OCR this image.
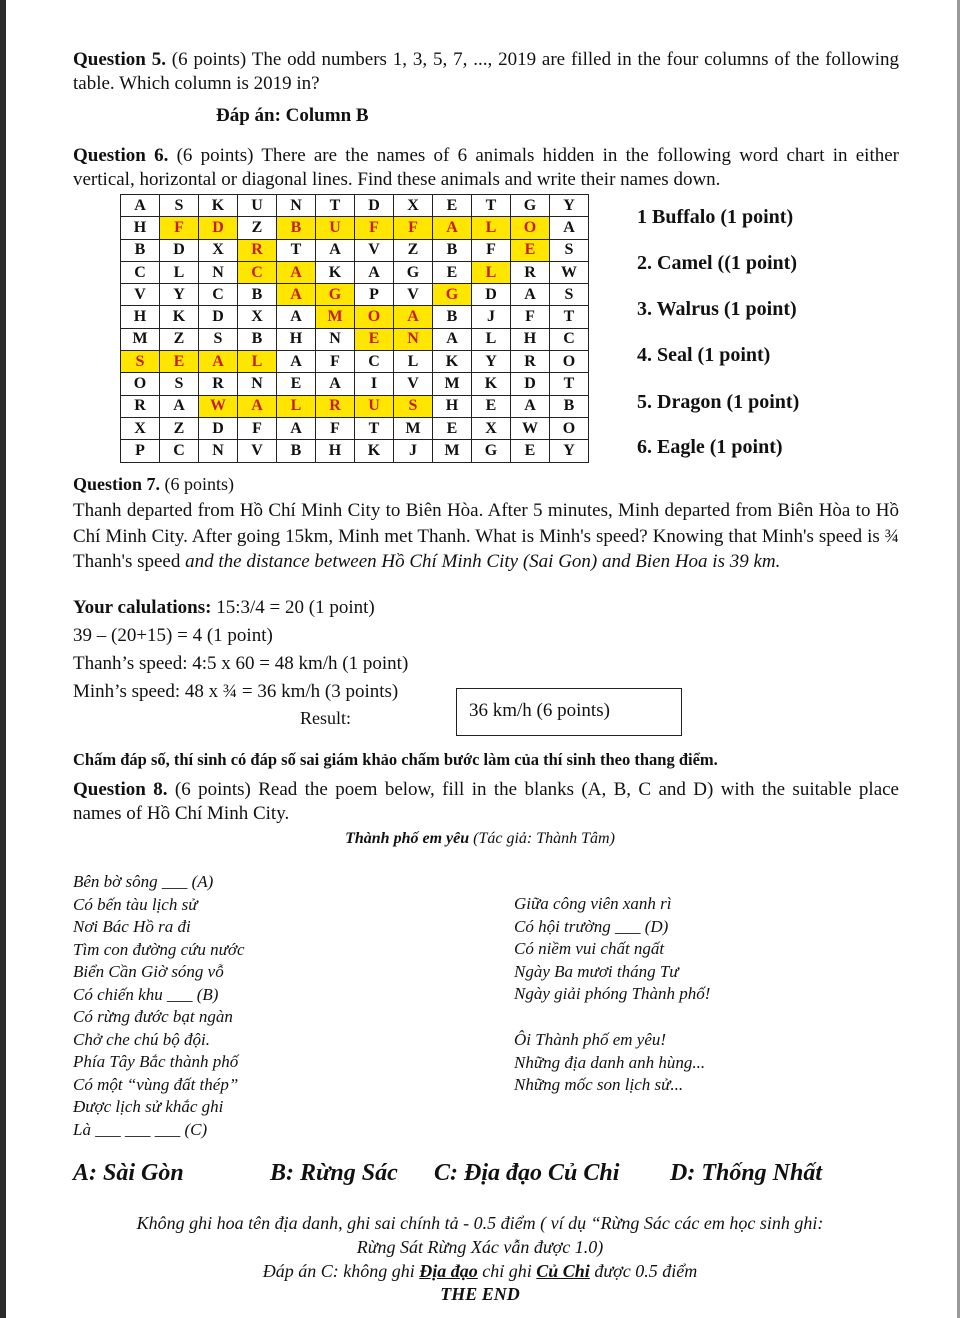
Question 5. (6 points) The odd numbers 1, 3, 5, 7, ..., 2019 are filled in the four columns of the following table. Which column is 2019 in?

Đáp án: Column B

Question 6. (6 points) There are the names of 6 animals hidden in the following word chart in either vertical, horizontal or diagonal lines. Find these animals and write their names down.

A	S	K	U	N	T	D	X	E	T	G	Y
H	F	D	Z	B	U	F	F	A	L	O	A
B	D	X	R	T	A	V	Z	B	F	E	S
C	L	N	C	A	K	A	G	E	L	R	W
V	Y	C	B	A	G	P	V	G	D	A	S
H	K	D	X	A	M	O	A	B	J	F	T
M	Z	S	B	H	N	E	N	A	L	H	C
S	E	A	L	A	F	C	L	K	Y	R	O
O	S	R	N	E	A	I	V	M	K	D	T
R	A	W	A	L	R	U	S	H	E	A	B
X	Z	D	F	A	F	T	M	E	X	W	O
P	C	N	V	B	H	K	J	M	G	E	Y

1 Buffalo (1 point)

2. Camel ((1 point)

3. Walrus (1 point)

4. Seal (1 point)

5. Dragon (1 point)

6. Eagle (1 point)

Question 7. (6 points)

Thanh departed from Hồ Chí Minh City to Biên Hòa. After 5 minutes, Minh departed from Biên Hòa to Hồ Chí Minh City. After going 15km, Minh met Thanh. What is Minh's speed? Knowing that Minh's speed is ¾ Thanh's speed and the distance between Hồ Chí Minh City (Sai Gon) and Bien Hoa is 39 km.

Your calulations: 15:3/4 = 20 (1 point)

39 – (20+15) = 4 (1 point)

Thanh’s speed: 4:5 x 60 = 48 km/h (1 point)

Minh’s speed: 48 x ¾ = 36 km/h (3 points)

Result:	36 km/h (6 points)

Chấm đáp số, thí sinh có đáp số sai giám khảo chấm bước làm của thí sinh theo thang điểm.

Question 8. (6 points) Read the poem below, fill in the blanks (A, B, C and D) with the suitable place names of Hồ Chí Minh City.

Thành phố em yêu (Tác giả: Thành Tâm)

Bên bờ sông ___ (A)
Có bến tàu lịch sử
Nơi Bác Hồ ra đi
Tìm con đường cứu nước
Biển Cần Giờ sóng vỗ
Có chiến khu ___ (B)
Có rừng đước bạt ngàn
Chở che chú bộ đội.
Phía Tây Bắc thành phố
Có một “vùng đất thép”
Được lịch sử khắc ghi
Là ___ ___ ___ (C)
Giữa công viên xanh rì
Có hội trường ___ (D)
Có niềm vui chất ngất
Ngày Ba mươi tháng Tư
Ngày giải phóng Thành phố!
Ôi Thành phố em yêu!
Những địa danh anh hùng...
Những mốc son lịch sử...

A: Sài Gòn	B: Rừng Sác C: Địa đạo Củ Chi D: Thống Nhất

Không ghi hoa tên địa danh, ghi sai chính tả - 0.5 điểm ( ví dụ “Rừng Sác các em học sinh ghi:

Rừng Sát Rừng Xác vẫn được 1.0)

Đáp án C: không ghi Địa đạo chỉ ghi Củ Chi được 0.5 điểm

THE END
